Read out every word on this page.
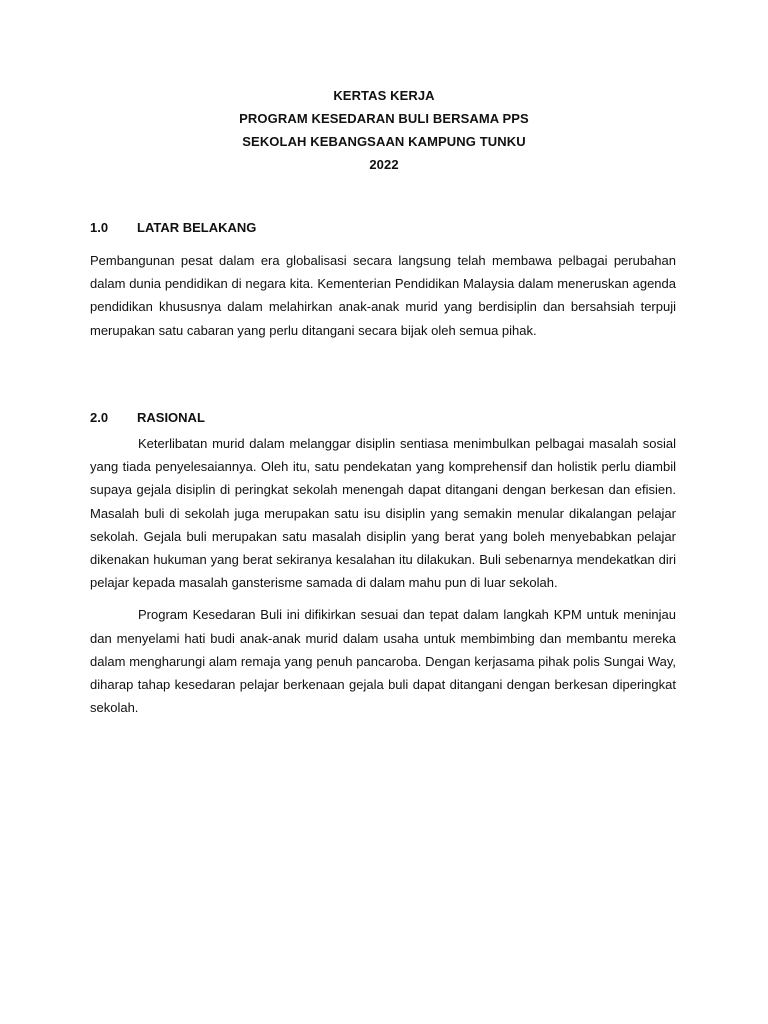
KERTAS KERJA
PROGRAM KESEDARAN BULI BERSAMA PPS
SEKOLAH KEBANGSAAN KAMPUNG TUNKU
2022
1.0	LATAR BELAKANG

Pembangunan pesat dalam era globalisasi secara langsung telah membawa pelbagai perubahan dalam dunia pendidikan di negara kita. Kementerian Pendidikan Malaysia dalam meneruskan agenda pendidikan khususnya dalam melahirkan anak-anak murid yang berdisiplin dan bersahsiah terpuji merupakan satu cabaran yang perlu ditangani secara bijak oleh semua pihak.

2.0	RASIONAL

Keterlibatan murid dalam melanggar disiplin sentiasa menimbulkan pelbagai masalah sosial yang tiada penyelesaiannya. Oleh itu, satu pendekatan yang komprehensif dan holistik perlu diambil supaya gejala disiplin di peringkat sekolah menengah dapat ditangani dengan berkesan dan efisien. Masalah buli di sekolah juga merupakan satu isu disiplin yang semakin menular dikalangan pelajar sekolah. Gejala buli merupakan satu masalah disiplin yang berat yang boleh menyebabkan pelajar dikenakan hukuman yang berat sekiranya kesalahan itu dilakukan. Buli sebenarnya mendekatkan diri pelajar kepada masalah gansterisme samada di dalam mahu pun di luar sekolah.

Program Kesedaran Buli ini difikirkan sesuai dan tepat dalam langkah KPM untuk meninjau dan menyelami hati budi anak-anak murid dalam usaha untuk membimbing dan membantu mereka dalam mengharungi alam remaja yang penuh pancaroba. Dengan kerjasama pihak polis Sungai Way, diharap tahap kesedaran pelajar berkenaan gejala buli dapat ditangani dengan berkesan diperingkat sekolah.
